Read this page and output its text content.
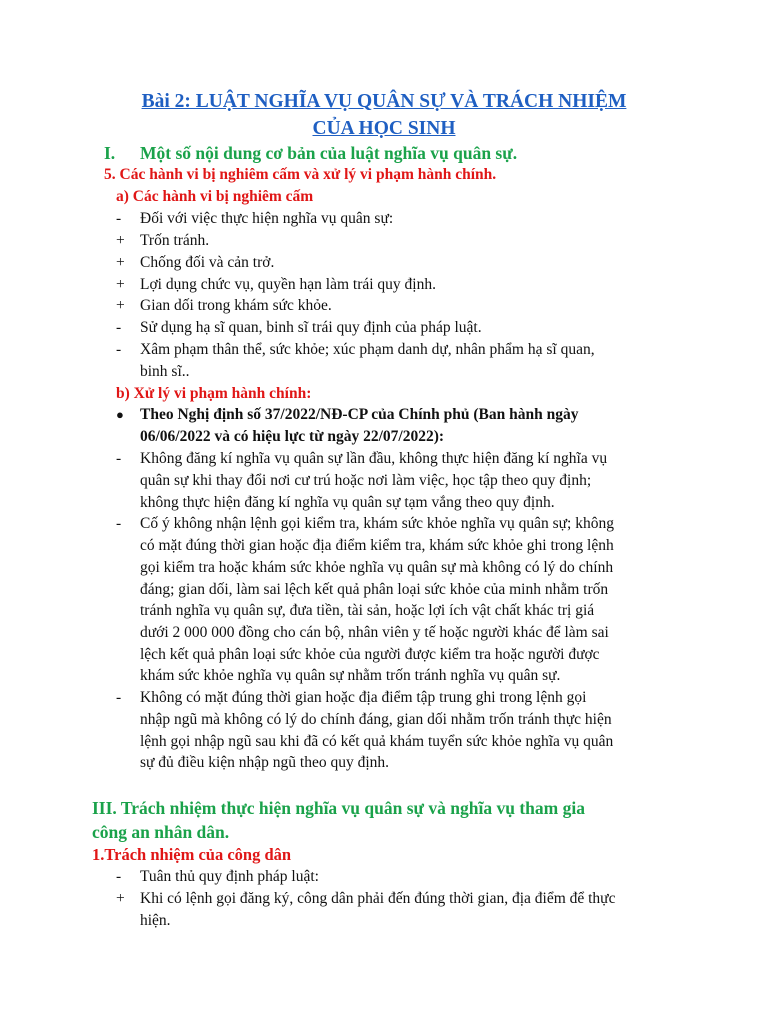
Bài 2: LUẬT NGHĨA VỤ QUÂN SỰ VÀ TRÁCH NHIỆM
CỦA HỌC SINH
I. Một số nội dung cơ bản của luật nghĩa vụ quân sự.
5. Các hành vi bị nghiêm cấm và xử lý vi phạm hành chính.
a) Các hành vi bị nghiêm cấm
-	Đối với việc thực hiện nghĩa vụ quân sự:
+ Trốn tránh.
+ Chống đối và cản trở.
+ Lợi dụng chức vụ, quyền hạn làm trái quy định.
+ Gian dối trong khám sức khỏe.
-	Sử dụng hạ sĩ quan, binh sĩ trái quy định của pháp luật.
-	Xâm phạm thân thể, sức khỏe; xúc phạm danh dự, nhân phẩm hạ sĩ quan,
binh sĩ..
b) Xử lý vi phạm hành chính:
●	Theo Nghị định số 37/2022/NĐ-CP của Chính phủ (Ban hành ngày
06/06/2022 và có hiệu lực từ ngày 22/07/2022):
- Không đăng kí nghĩa vụ quân sự lần đầu, không thực hiện đăng kí nghĩa vụ
quân sự khi thay đổi nơi cư trú hoặc nơi làm việc, học tập theo quy định;
không thực hiện đăng kí nghĩa vụ quân sự tạm vắng theo quy định.
- Cố ý không nhận lệnh gọi kiểm tra, khám sức khỏe nghĩa vụ quân sự; không
có mặt đúng thời gian hoặc địa điểm kiểm tra, khám sức khỏe ghi trong lệnh
gọi kiểm tra hoặc khám sức khỏe nghĩa vụ quân sự mà không có lý do chính
đáng; gian dối, làm sai lệch kết quả phân loại sức khỏe của minh nhằm trốn
tránh nghĩa vụ quân sự, đưa tiền, tài sản, hoặc lợi ích vật chất khác trị giá
dưới 2 000 000 đồng cho cán bộ, nhân viên y tế hoặc người khác để làm sai
lệch kết quả phân loại sức khỏe của người được kiểm tra hoặc người được
khám sức khỏe nghĩa vụ quân sự nhằm trốn tránh nghĩa vụ quân sự.
- Không có mặt đúng thời gian hoặc địa điểm tập trung ghi trong lệnh gọi
nhập ngũ mà không có lý do chính đáng, gian dối nhằm trốn tránh thực hiện
lệnh gọi nhập ngũ sau khi đã có kết quả khám tuyển sức khỏe nghĩa vụ quân
sự đủ điều kiện nhập ngũ theo quy định.
III. Trách nhiệm thực hiện nghĩa vụ quân sự và nghĩa vụ tham gia
công an nhân dân.
1.Trách nhiệm của công dân
-	Tuân thủ quy định pháp luật:
+ Khi có lệnh gọi đăng ký, công dân phải đến đúng thời gian, địa điểm để thực
hiện.
